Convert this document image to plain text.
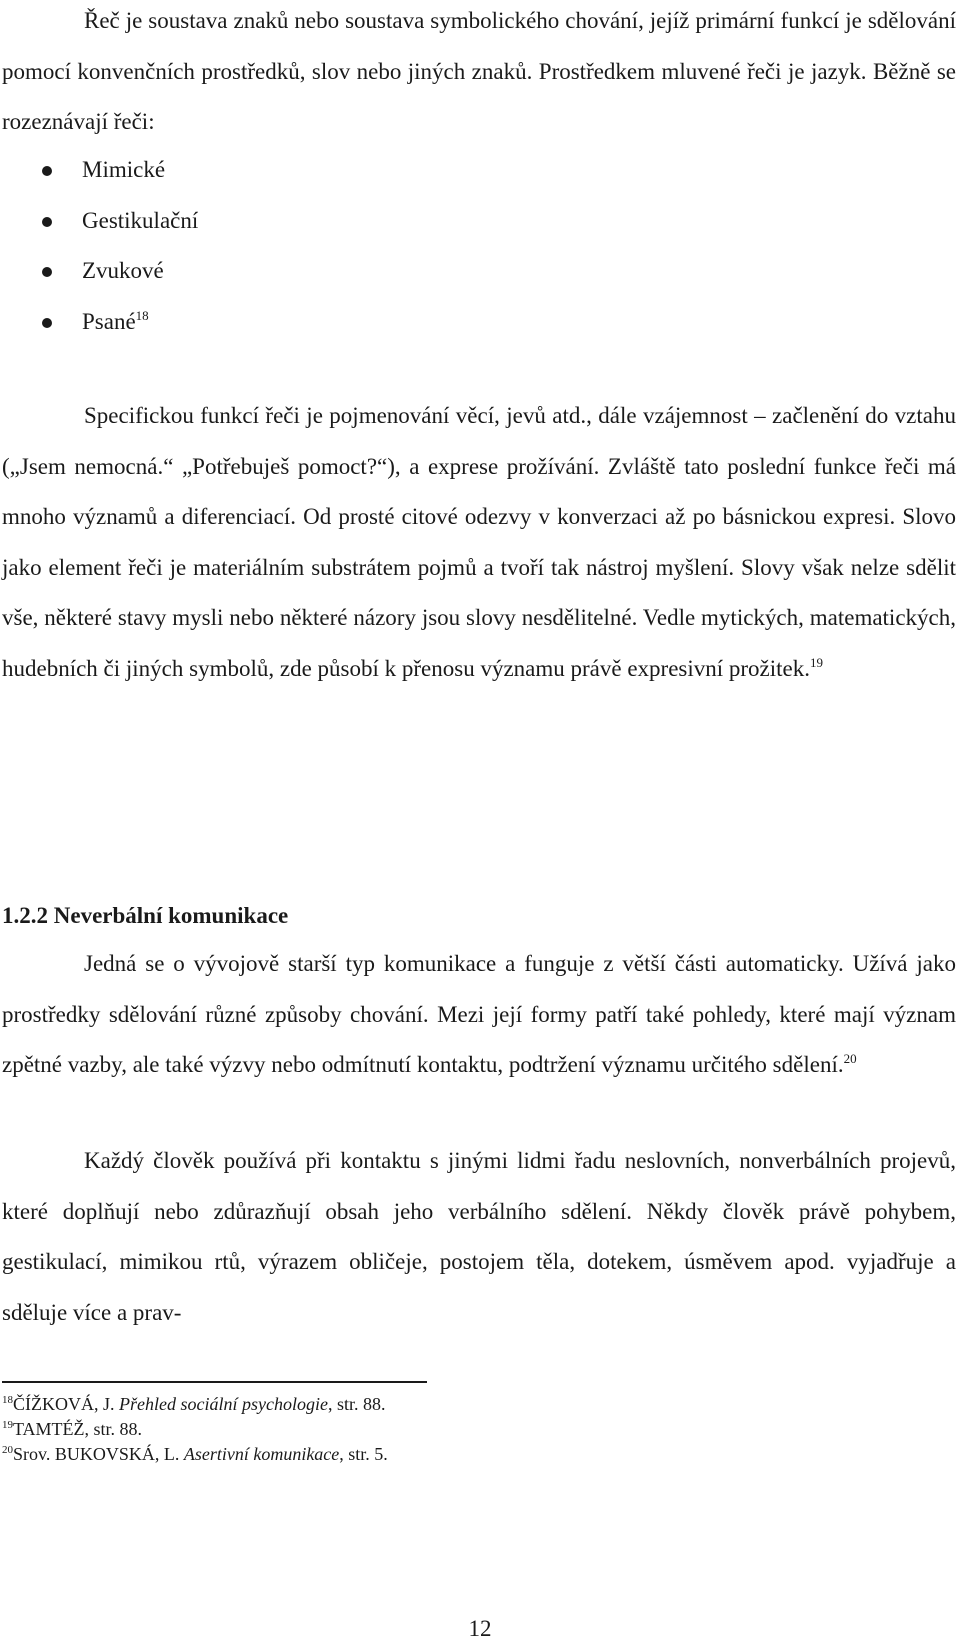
Řeč je soustava znaků nebo soustava symbolického chování, jejíž primární funkcí je sdělování pomocí konvenčních prostředků, slov nebo jiných znaků. Prostředkem mluvené řeči je jazyk. Běžně se rozeznávají řeči:

Mimické
Gestikulační
Zvukové
Psané$^{18}$

Specifickou funkcí řeči je pojmenování věcí, jevů atd., dále vzájemnost – začlenění do vztahu („Jsem nemocná.“ „Potřebuješ pomoct?“), a exprese prožívání. Zvláště tato poslední funkce řeči má mnoho významů a diferenciací. Od prosté citové odezvy v konverzaci až po básnickou expresi. Slovo jako element řeči je materiálním substrátem pojmů a tvoří tak nástroj myšlení. Slovy však nelze sdělit vše, některé stavy mysli nebo některé názory jsou slovy nesdělitelné. Vedle mytických, matematických, hudebních či jiných symbolů, zde působí k přenosu významu právě expresivní prožitek.$^{19}$

1.2.2 Neverbální komunikace

Jedná se o vývojově starší typ komunikace a funguje z větší části automaticky. Užívá jako prostředky sdělování různé způsoby chování. Mezi její formy patří také pohledy, které mají význam zpětné vazby, ale také výzvy nebo odmítnutí kontaktu, podtržení významu určitého sdělení.$^{20}$

Každý člověk používá při kontaktu s jinými lidmi řadu neslovních, nonverbálních projevů, které doplňují nebo zdůrazňují obsah jeho verbálního sdělení. Někdy člověk právě pohybem, gestikulací, mimikou rtů, výrazem obličeje, postojem těla, dotekem, úsměvem apod. vyjadřuje a sděluje více a prav-

$^{18}$ČÍŽKOVÁ, J. Přehled sociální psychologie, str. 88.
$^{19}$TAMTÉŽ, str. 88.
$^{20}$Srov. BUKOVSKÁ, L. Asertivní komunikace, str. 5.
12
